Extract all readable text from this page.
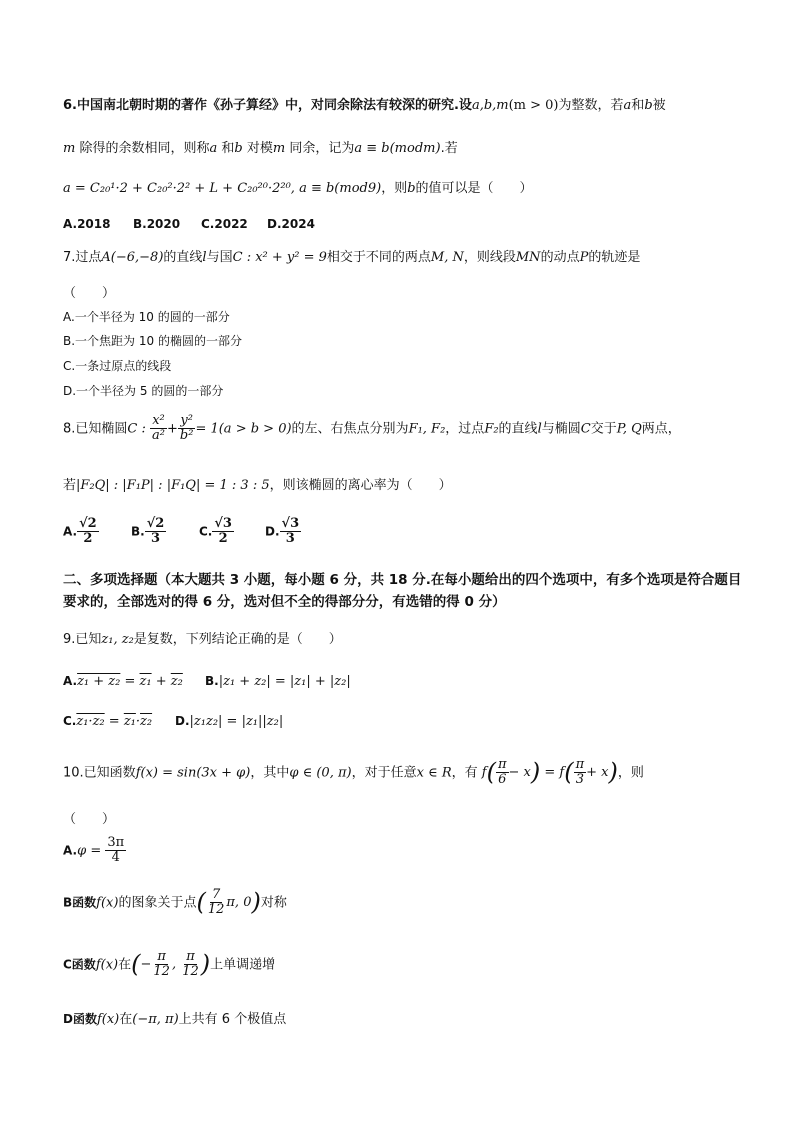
6.中国南北朝时期的著作《孙子算经》中，对同余除法有较深的研究.设a,b,m(m > 0)为整数，若a和b被
m 除得的余数相同，则称a 和b 对模m 同余，记为a ≡ b(modm).若
a = C₂₀¹·2 + C₂₀²·2² + L + C₂₀²⁰·2²⁰, a ≡ b(mod9)，则b的值可以是（　　）
A.2018 B.2020 C.2022 D.2024
7.过点A(−6,−8)的直线l与国C : x² + y² = 9相交于不同的两点M, N，则线段MN的动点P的轨迹是
（　　）
A.一个半径为 10 的圆的一部分
B.一个焦距为 10 的椭圆的一部分
C.一条过原点的线段
D.一个半径为 5 的圆的一部分
8.已知椭圆C : $\frac{\text{x²}}{\text{a²}} + \frac{\text{y²}}{\text{b²}} = 1(a > b > 0)$的左、右焦点分别为F₁, F₂，过点F₂的直线l与椭圆C交于P, Q两点，
若|F₂Q| : |F₁P| : |F₁Q| = 1 : 3 : 5，则该椭圆的离心率为（　　）
A. $\frac{√2}{2}$	B. $\frac{√2}{3}$	C. $\frac{√3}{2}$	D. $\frac{√3}{3}$
二、多项选择题（本大题共 3 小题，每小题 6 分，共 18 分.在每小题给出的四个选项中，有多个选项是符合题目要求的，全部选对的得 6 分，选对但不全的得部分分，有选错的得 0 分）
9.已知z₁, z₂是复数，下列结论正确的是（　　）
A.z₁ + z₂ = z₁ + z₂ B.|z₁ + z₂| = |z₁| + |z₂|
C.z₁·z₂ = z₁·z₂ D.|z₁z₂| = |z₁||z₂|
10.已知函数f(x) = sin(3x + φ)，其中φ ∈ (0, π)，对于任意x ∈ R，有 $f( \frac{\pi}{6} - x) = f( \frac{\pi}{3} + x)$，则
（　　）
$A.\varphi = \frac{3\pi}{4}$
B函数f(x)的图象关于点( $\frac{7}{12} \pi$, 0)对称
C函数f(x)在(− $\frac{\pi}{12}$ , $\frac{\pi}{12}$ )上单调递增
D函数f(x)在(−π, π)上共有 6 个极值点
